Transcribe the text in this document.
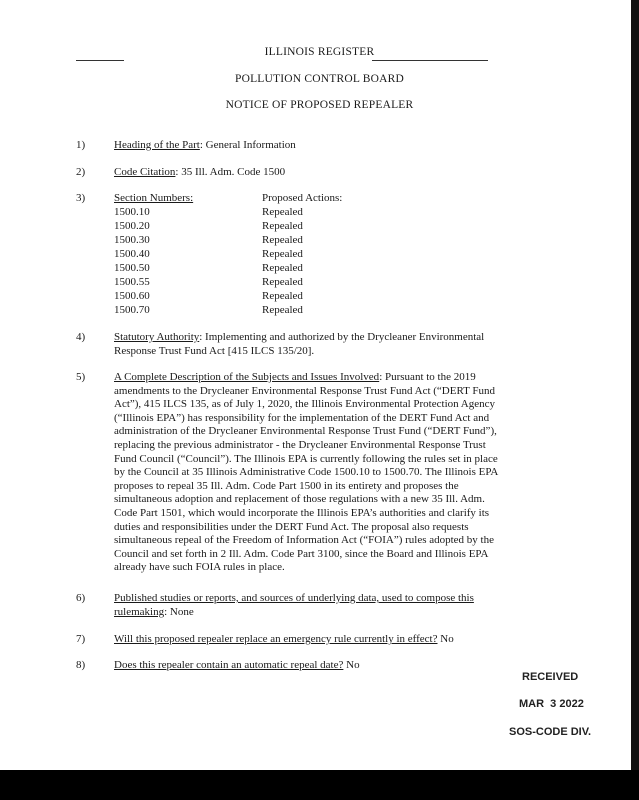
ILLINOIS REGISTER
POLLUTION CONTROL BOARD
NOTICE OF PROPOSED REPEALER
1)	Heading of the Part: General Information
2)	Code Citation: 35 Ill. Adm. Code 1500
3)	Section Numbers:	Proposed Actions:
1500.10	Repealed
1500.20	Repealed
1500.30	Repealed
1500.40	Repealed
1500.50	Repealed
1500.55	Repealed
1500.60	Repealed
1500.70	Repealed
4)	Statutory Authority: Implementing and authorized by the Drycleaner Environmental
Response Trust Fund Act [415 ILCS 135/20].
5)	A Complete Description of the Subjects and Issues Involved: Pursuant to the 2019
amendments to the Drycleaner Environmental Response Trust Fund Act (“DERT Fund
Act”), 415 ILCS 135, as of July 1, 2020, the Illinois Environmental Protection Agency
(“Illinois EPA”) has responsibility for the implementation of the DERT Fund Act and
administration of the Drycleaner Environmental Response Trust Fund (“DERT Fund”),
replacing the previous administrator - the Drycleaner Environmental Response Trust
Fund Council (“Council”). The Illinois EPA is currently following the rules set in place
by the Council at 35 Illinois Administrative Code 1500.10 to 1500.70. The Illinois EPA
proposes to repeal 35 Ill. Adm. Code Part 1500 in its entirety and proposes the
simultaneous adoption and replacement of those regulations with a new 35 Ill. Adm.
Code Part 1501, which would incorporate the Illinois EPA’s authorities and clarify its
duties and responsibilities under the DERT Fund Act. The proposal also requests
simultaneous repeal of the Freedom of Information Act (“FOIA”) rules adopted by the
Council and set forth in 2 Ill. Adm. Code Part 3100, since the Board and Illinois EPA
already have such FOIA rules in place.
6)	Published studies or reports, and sources of underlying data, used to compose this
rulemaking: None
7)	Will this proposed repealer replace an emergency rule currently in effect? No
8)	Does this repealer contain an automatic repeal date? No
RECEIVED
MAR  3 2022
SOS-CODE DIV.
